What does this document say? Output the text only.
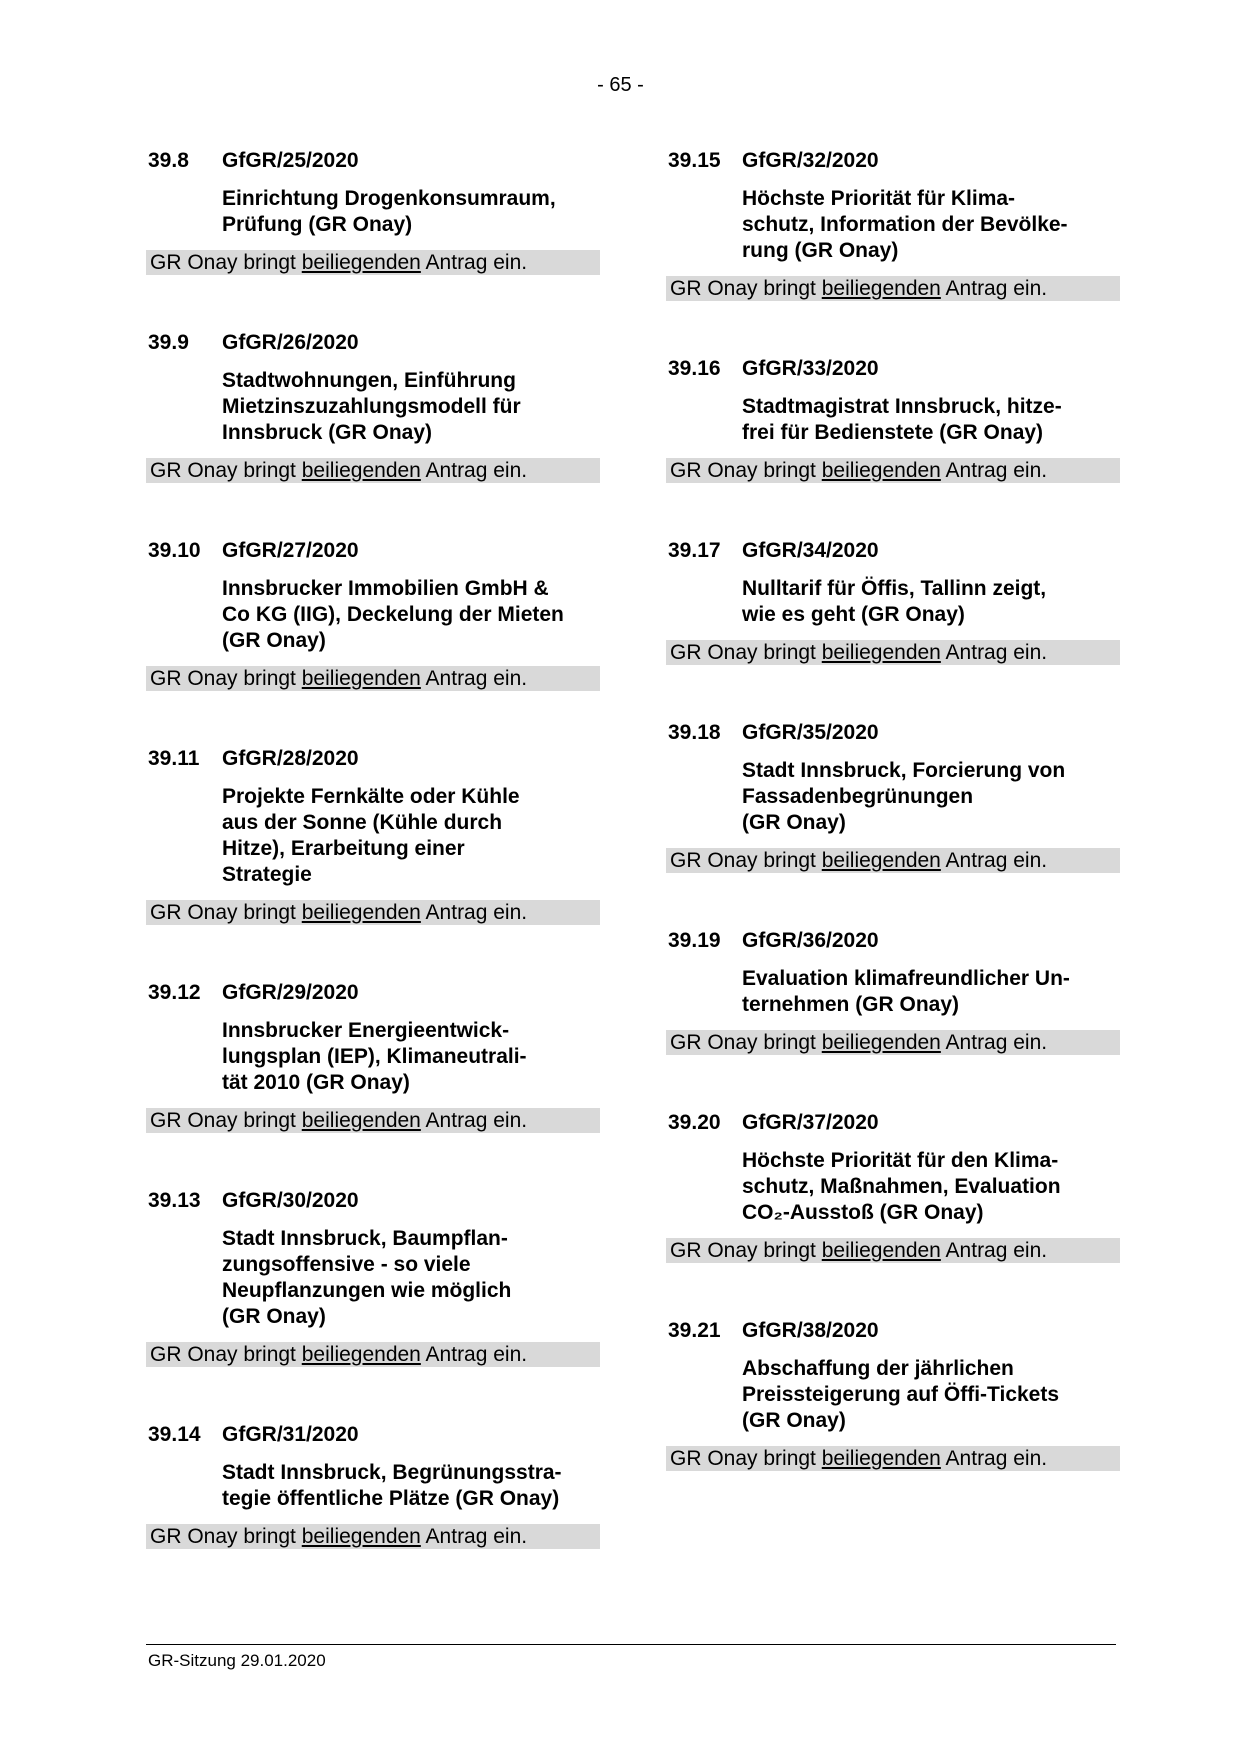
- 65 -
39.8	GfGR/25/2020
Einrichtung Drogenkonsumraum,
Prüfung (GR Onay)
GR Onay bringt beiliegenden Antrag ein.
39.9	GfGR/26/2020
Stadtwohnungen, Einführung
Mietzinszuzahlungsmodell für
Innsbruck (GR Onay)
GR Onay bringt beiliegenden Antrag ein.
39.10	GfGR/27/2020
Innsbrucker Immobilien GmbH &
Co KG (IIG), Deckelung der Mieten
(GR Onay)
GR Onay bringt beiliegenden Antrag ein.
39.11	GfGR/28/2020
Projekte Fernkälte oder Kühle
aus der Sonne (Kühle durch
Hitze), Erarbeitung einer
Strategie

GR Onay bringt beiliegenden Antrag ein.
39.12	GfGR/29/2020
Innsbrucker Energieentwick-
lungsplan (IEP), Klimaneutrali-
tät 2010 (GR Onay)
GR Onay bringt beiliegenden Antrag ein.
39.13	GfGR/30/2020
Stadt Innsbruck, Baumpflan-
zungsoffensive - so viele
Neupflanzungen wie möglich
(GR Onay)
GR Onay bringt beiliegenden Antrag ein.
39.14	GfGR/31/2020
Stadt Innsbruck, Begrünungsstra-
tegie öffentliche Plätze (GR Onay)
GR Onay bringt beiliegenden Antrag ein.
39.15	GfGR/32/2020
Höchste Priorität für Klima-
schutz, Information der Bevölke-
rung (GR Onay)
GR Onay bringt beiliegenden Antrag ein.
39.16	GfGR/33/2020
Stadtmagistrat Innsbruck, hitze-
frei für Bedienstete (GR Onay)
GR Onay bringt beiliegenden Antrag ein.
39.17	GfGR/34/2020
Nulltarif für Öffis, Tallinn zeigt,
wie es geht (GR Onay)
GR Onay bringt beiliegenden Antrag ein.
39.18	GfGR/35/2020
Stadt Innsbruck, Forcierung von
Fassadenbegrünungen
(GR Onay)
GR Onay bringt beiliegenden Antrag ein.
39.19	GfGR/36/2020
Evaluation klimafreundlicher Un-
ternehmen (GR Onay)
GR Onay bringt beiliegenden Antrag ein.
39.20	GfGR/37/2020
Höchste Priorität für den Klima-
schutz, Maßnahmen, Evaluation
CO₂-Ausstoß (GR Onay)
GR Onay bringt beiliegenden Antrag ein.
39.21	GfGR/38/2020
Abschaffung der jährlichen
Preissteigerung auf Öffi-Tickets
(GR Onay)
GR Onay bringt beiliegenden Antrag ein.
GR-Sitzung 29.01.2020
